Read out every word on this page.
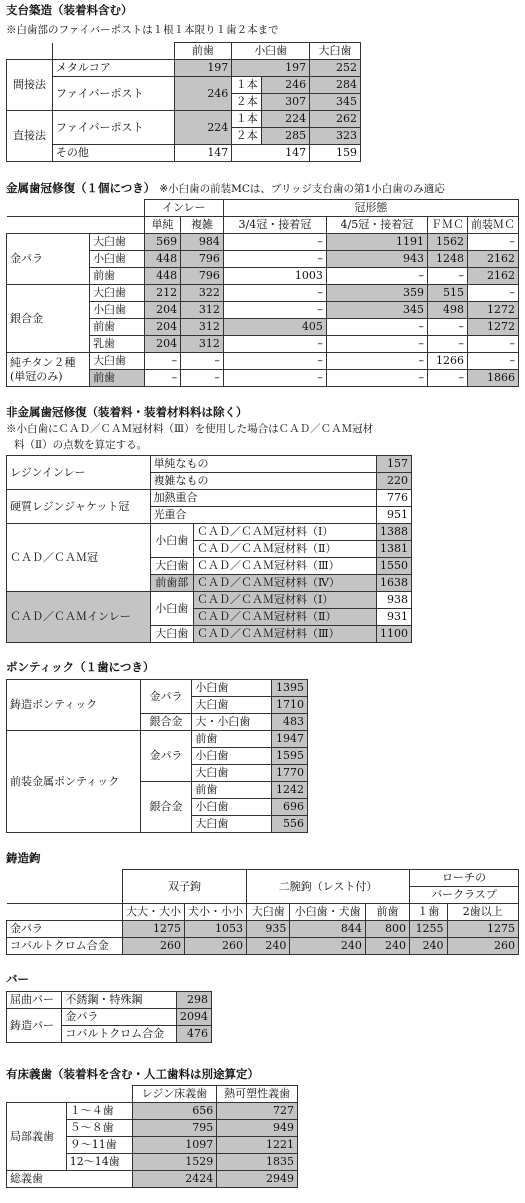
支台築造（装着料含む）
※白歯部のファイバーポストは１根１本限り１歯２本まで
		前歯	小臼歯		大臼歯
間接法	メタルコア	197	197		252
	ファイバーポスト	246	１本	246	284
			２本	307	345
直接法	ファイバーポスト	224	１本	224	262
			２本	285	323
	その他	147	147		159
金属歯冠修復（１個につき） ※小臼歯の前装MCは、ブリッジ支台歯の第1小白歯のみ適応
		インレー		冠形態			
		単純	複雑	3/4冠・接着冠	4/5冠・接着冠	ＦＭＣ	前装ＭＣ
金パラ	大臼歯	569	984	–	1191	1562	–
	小臼歯	448	796	–	943	1248	2162
	前歯	448	796	1003	–	–	2162
銀合金	大臼歯	212	322	–	359	515	–
	小臼歯	204	312	–	345	498	1272
	前歯	204	312	405	–	–	1272
	乳歯	204	312	–	–	–	–
純チタン２種
(単冠のみ)	大臼歯	–	–	–	–	1266	–
	前歯	–	–	–	–	–	1866
非金属歯冠修復（装着料・装着材料料は除く）
※小白歯にＣＡＤ／ＣＡＭ冠材料（Ⅲ）を使用した場合はＣＡＤ／ＣＡＭ冠材
料（Ⅱ）の点数を算定する。
レジンインレー	単純なもの		157
	複雑なもの		220
硬質レジンジャケット冠	加熱重合		776
	光重合		951
ＣＡＤ／ＣＡＭ冠	小臼歯	ＣＡＤ／ＣＡＭ冠材料（Ⅰ）	1388
		ＣＡＤ／ＣＡＭ冠材料（Ⅱ）	1381
	大臼歯	ＣＡＤ／ＣＡＭ冠材料（Ⅲ）	1550
	前歯部	ＣＡＤ／ＣＡＭ冠材料（Ⅳ）	1638
ＣＡＤ／ＣＡＭインレー	小臼歯	ＣＡＤ／ＣＡＭ冠材料（Ⅰ）	938
		ＣＡＤ／ＣＡＭ冠材料（Ⅱ）	931
	大臼歯	ＣＡＤ／ＣＡＭ冠材料（Ⅲ）	1100
ポンティック（１歯につき）
鋳造ポンティック	金パラ	小臼歯	1395
		大臼歯	1710
	銀合金	大・小臼歯	483
前装金属ポンティック	金パラ	前歯	1947
		小臼歯	1595
		大臼歯	1770
	銀合金	前歯	1242
		小臼歯	696
		大臼歯	556
鋳造鉤
	双子鉤		二腕鉤（レスト付）			ローチの	
						バークラスプ	
	大大・大小	犬小・小小	大臼歯	小臼歯・犬歯	前歯	１歯	2歯以上
金パラ	1275	1053	935	844	800	1255	1275
コバルトクロム合金	260	260	240	240	240	240	260
バー
屈曲バー	不銹鋼・特殊鋼	298
鋳造バー	金パラ	2094
	コバルトクロム合金	476
有床義歯（装着料を含む・人工歯料は別途算定）
		レジン床義歯	熱可塑性義歯
局部義歯	１〜４歯	656	727
	５〜８歯	795	949
	９〜11歯	1097	1221
	12〜14歯	1529	1835
総義歯		2424	2949
